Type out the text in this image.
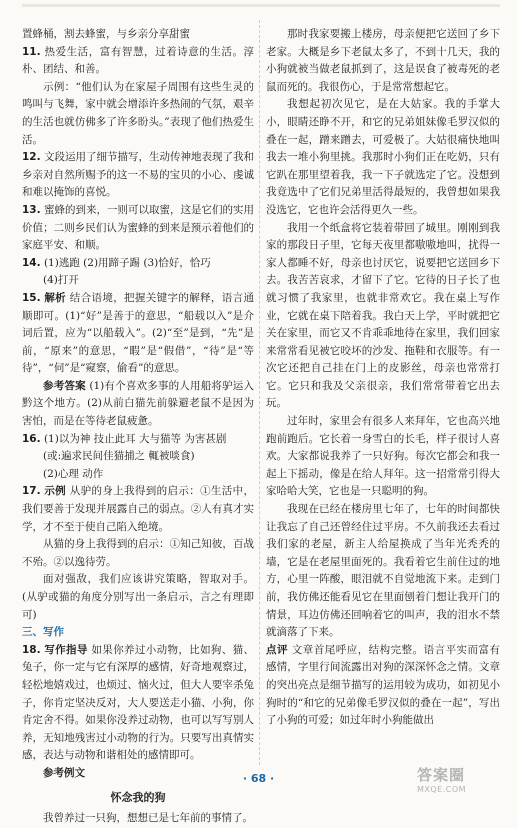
置蜂桶，割去蜂蜜，与乡亲分享甜蜜

11. 热爱生活，富有智慧，过着诗意的生活。淳朴、团结、和善。

示例：“他们认为在家屋子周围有这些生灵的鸣叫与飞舞，家中就会增添许多热闹的气氛，艰辛的生活也就仿佛多了许多盼头。”表现了他们热爱生活。

12. 文段运用了细节描写，生动传神地表现了我和乡亲对自然所赐予的这一不易的宝贝的小心、虔诚和难以掩饰的喜悦。

13. 蜜蜂的到来，一则可以取蜜，这是它们的实用价值；二则乡民们认为蜜蜂的到来是预示着他们的家庭平安、和顺。

14. (1)逃跑 (2)用蹄子踢 (3)恰好，恰巧

(4)打开

15. 解析 结合语境，把握关键字的解释，语言通顺即可。(1)“好”是善于的意思，“船载以入”是介词后置，应为“以船载入”。(2)“至”是到，“先”是前，“原来”的意思，“暇”是“假借”，“待”是“等待”，“伺”是“窥察，偷看”的意思。

参考答案 (1)有个喜欢多事的人用船将驴运入黔这个地方。(2)从前白猫先前躲避老鼠不是因为害怕，而是在等待老鼠疲惫。

16. (1)以为神 技止此耳 大与猫等 为害甚剧

(或:遍求民间佳猫捕之 輒被啖食)

(2)心理 动作

17. 示例 从驴的身上我得到的启示：①生活中，我们要善于发现并展露自己的弱点。②人有真才实学，才不至于使自己陷入绝境。

从猫的身上我得到的启示：①知己知彼，百战不殆。②以逸待劳。

面对强敌，我们应该讲究策略，智取对手。(从驴或猫的角度分别写出一条启示，言之有理即可)

三、写作

18. 写作指导 如果你养过小动物，比如狗、猫、兔子，你一定与它有深厚的感情，好奇地观察过，轻松地嬉戏过，也烦过、恼火过，但大人要宰杀兔子，你肯定坚决反对，大人要送走小猫、小狗，你肯定舍不得。如果你没养过动物，也可以写写别人养，无知地残害过小动物的行为。只要写出真情实感，表达与动物和谐相处的感情即可。

参考例文

怀念我的狗

我曾养过一只狗，想想已是七年前的事情了。

那时我家要搬上楼房，母亲便把它送回了乡下老家。大概是乡下老鼠太多了，不到十几天，我的小狗就被当做老鼠抓到了，这是误食了被毒死的老鼠而死的。我很伤心，于是常常想起它。

我想起初次见它，是在大姑家。我的手掌大小，眼睛还睁不开，和它的兄弟姐妹像毛罗汉似的叠在一起，蹭来蹭去，可爱极了。大姑很痛快地叫我去一堆小狗里挑。我那时小狗们正在吃奶，只有它趴在那里望着我，我一下子就选定了它。没想到我竟选中了它们兄弟里活得最短的，我曾想如果我没选它，它也许会活得更久一些。

我用一个纸盒将它装着带回了城里。刚刚到我家的那段日子里，它每天夜里都嗷嗷地叫，扰得一家人都睡不好，母亲也讨厌它，说要把它送回乡下去。我苦苦哀求，才留下了它。它待的日子长了也就习惯了我家里，也就非常欢它。我在桌上写作业，它就在桌下陪着我。我白天上学，平时就把它关在家里，而它又不肯乖乖地待在家里，我们回家来常常看见被它咬坏的沙发、拖鞋和衣服等。有一次它还把自己挂在门上的皮影丝，母亲也常常打它。它只和我及父亲很亲，我们常常带着它出去玩。

过年时，家里会有很多人来拜年，它也高兴地跑前跑后。它长着一身雪白的长毛，样子很讨人喜欢。大家都说我养了一只好狗。每次它都会和我一起上下摇动，像是在给人拜年。这一招常常引得大家哈哈大笑，它也是一只聪明的狗。

我现在已经在楼房里七年了，七年的时间都快让我忘了自己还曾经住过平房。不久前我还去看过我们家的老屋，新主人给屋换成了当年光秃秃的墙，它是在老屋里面死的。我看着它生前住过的地方，心里一阵酸，眼泪就不自觉地流下来。走到门前，我仿佛还能看见它在里面刨着门想让我开门的情景，耳边仿佛还回响着它的叫声，我的泪水不禁就滴落了下来。

点评 文章首尾呼应，结构完整。语言平实而富有感情，字里行间流露出对狗的深深怀念之情。文章的突出亮点是细节描写的运用较为成功，如初见小狗时的“和它的兄弟像毛罗汉似的叠在一起”，写出了小狗的可爱；如过年时小狗能做出

· 68 ·	答案圈
MXQE.COM
